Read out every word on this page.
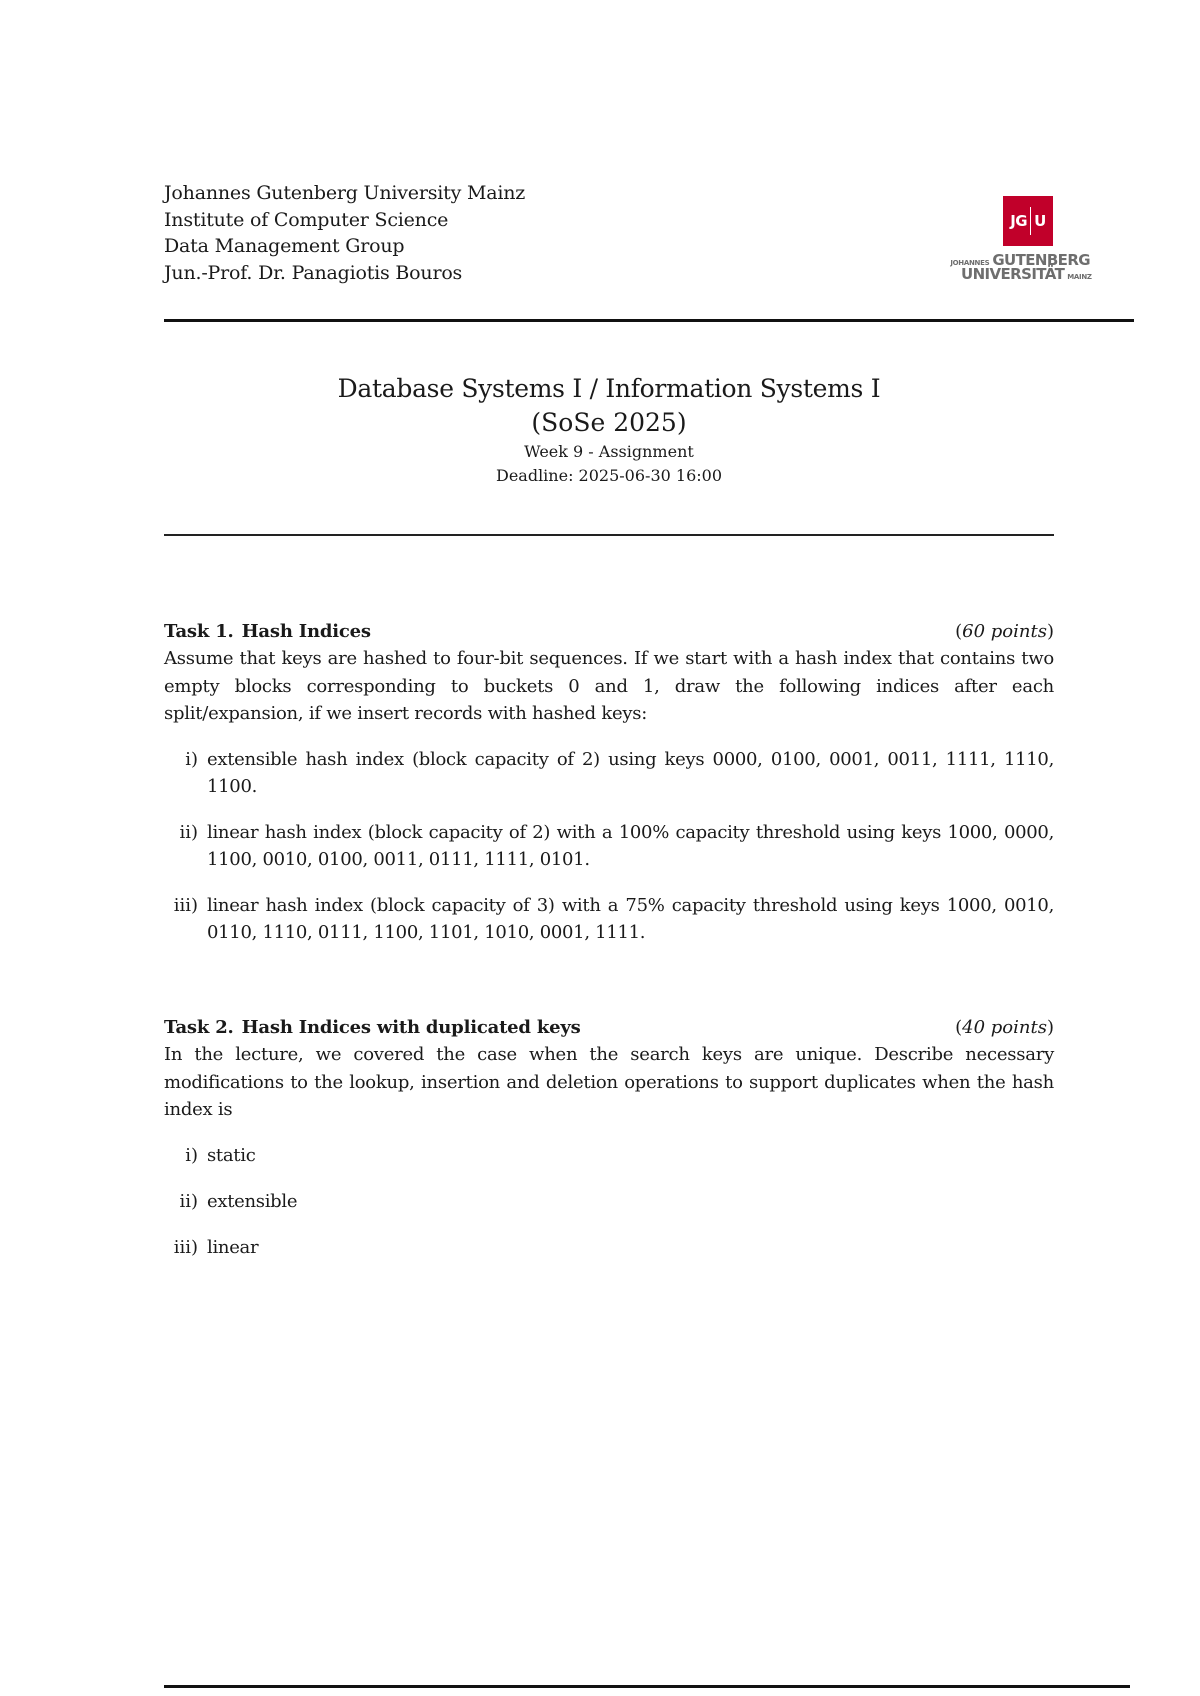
Johannes Gutenberg University Mainz
Institute of Computer Science
Data Management Group
Jun.-Prof. Dr. Panagiotis Bouros
JG U
JOHANNES GUTENBERG
UNIVERSITÄT MAINZ
Database Systems I / Information Systems I
(SoSe 2025)
Week 9 - Assignment
Deadline: 2025-06-30 16:00
Task 1. Hash Indices	(60 points)
Assume that keys are hashed to four-bit sequences. If we start with a hash index that contains two empty blocks corresponding to buckets 0 and 1, draw the following indices after each split/expansion, if we insert records with hashed keys:
i) extensible hash index (block capacity of 2) using keys 0000, 0100, 0001, 0011, 1111, 1110, 1100.
ii) linear hash index (block capacity of 2) with a 100% capacity threshold using keys 1000, 0000, 1100, 0010, 0100, 0011, 0111, 1111, 0101.
iii) linear hash index (block capacity of 3) with a 75% capacity threshold using keys 1000, 0010, 0110, 1110, 0111, 1100, 1101, 1010, 0001, 1111.
Task 2. Hash Indices with duplicated keys	(40 points)
In the lecture, we covered the case when the search keys are unique. Describe necessary modifications to the lookup, insertion and deletion operations to support duplicates when the hash index is
i) static
ii) extensible
iii) linear
